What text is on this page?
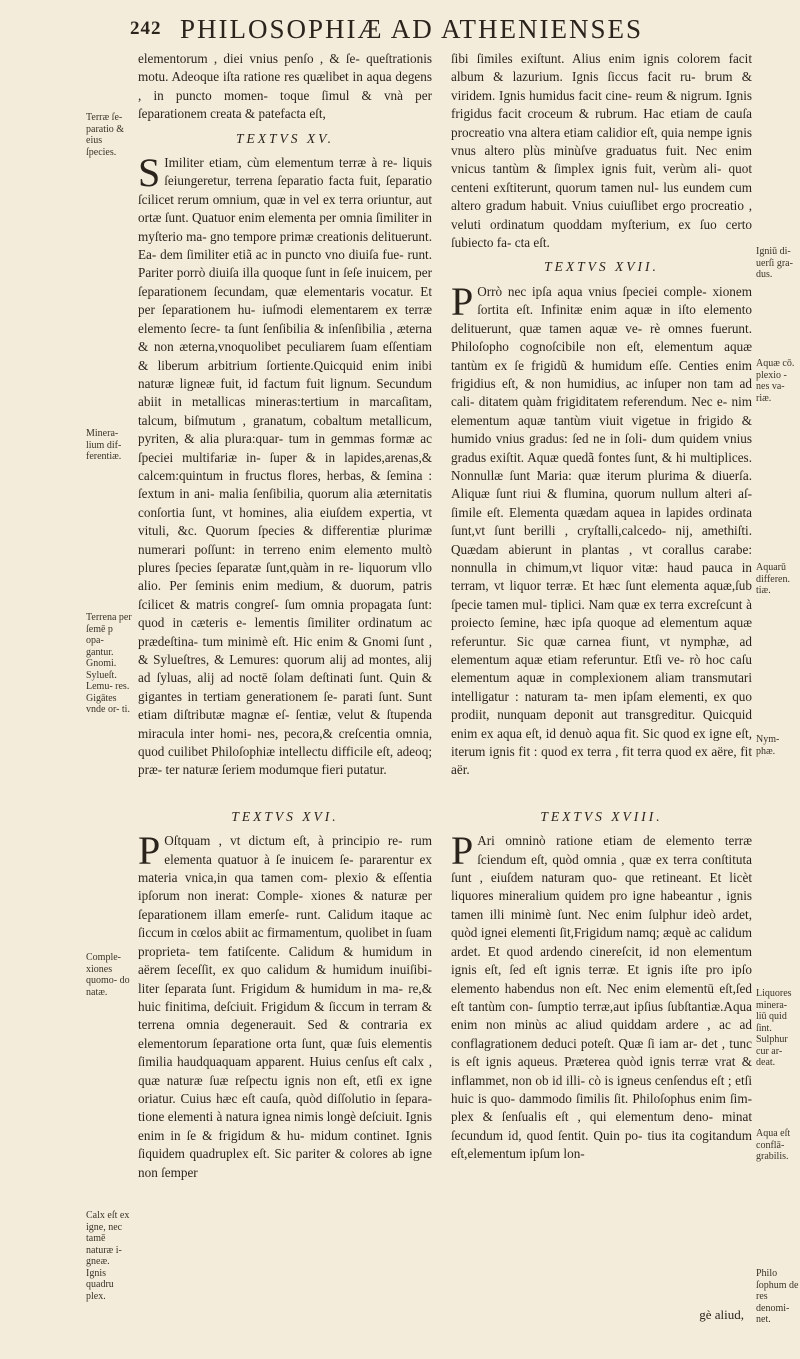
242 PHILOSOPHIÆ AD ATHENIENSES

elementorum , diei vnius penſo , & ſe- queſtrationis motu. Adeoque iſta ratione res quælibet in aqua degens , in puncto momen- toque ſimul & vnà per ſeparationem creata & patefacta eſt,

TEXTVS XV.

S Imiliter etiam, cùm elementum terræ à re- liquis ſeiungeretur, terrena ſeparatio facta fuit, ſeparatio ſcilicet rerum omnium, quæ in vel ex terra oriuntur, aut ortæ ſunt. Quatuor enim elementa per omnia ſimiliter in myſterio ma- gno tempore primæ creationis delituerunt. Ea- dem ſimiliter etiã ac in puncto vno diuiſa fue- runt. Pariter porrò diuiſa illa quoque ſunt in ſeſe inuicem, per ſeparationem ſecundam, quæ elementaris vocatur. Et per ſeparationem hu- iuſmodi elementarem ex terræ elemento ſecre- ta ſunt ſenſibilia & inſenſibilia , æterna & non æterna,vnoquolibet peculiarem ſuam eſſentiam & liberum arbitrium ſortiente.Quicquid enim inibi naturæ ligneæ fuit, id factum fuit lignum. Secundum abiit in metallicas mineras:tertium in marcaſitam, talcum, biſmutum , granatum, cobaltum metallicum, pyriten, & alia plura:quar- tum in gemmas formæ ac ſpeciei multifariæ in- ſuper & in lapides,arenas,& calcem:quintum in fructus flores, herbas, & ſemina : ſextum in ani- malia ſenſibilia, quorum alia æternitatis conſortia ſunt, vt homines, alia eiuſdem expertia, vt vituli, &c. Quorum ſpecies & differentiæ plurimæ numerari poſſunt: in terreno enim elemento multò plures ſpecies ſeparatæ ſunt,quàm in re- liquorum vllo alio. Per ſeminis enim medium, & duorum, patris ſcilicet & matris congreſ- ſum omnia propagata ſunt: quod in cæteris e- lementis ſimiliter ordinatum ac prædeſtina- tum minimè eſt. Hic enim & Gnomi ſunt , & Sylueſtres, & Lemures: quorum alij ad montes, alij ad ſyluas, alij ad noctē ſolam deſtinati ſunt. Quin & gigantes in tertiam generationem ſe- parati ſunt. Sunt etiam diſtributæ magnæ eſ- ſentiæ, velut & ſtupenda miracula inter homi- nes, pecora,& creſcentia omnia, quod cuilibet Philoſophiæ intellectu difficile eſt, adeoq; præ- ter naturæ ſeriem modumque fieri putatur.

TEXTVS XVI.

P Oſtquam , vt dictum eſt, à principio re- rum elementa quatuor à ſe inuicem ſe- pararentur ex materia vnica,in qua tamen com- plexio & eſſentia ipſorum non inerat: Comple- xiones & naturæ per ſeparationem illam emerſe- runt. Calidum itaque ac ſiccum in cœlos abiit ac firmamentum, quolibet in ſuam proprieta- tem fatiſcente. Calidum & humidum in aërem ſeceſſit, ex quo calidum & humidum inuiſibi- liter ſeparata ſunt. Frigidum & humidum in ma- re,& huic finitima, deſciuit. Frigidum & ſiccum in terram & terrena omnia degenerauit. Sed & contraria ex elementorum ſeparatione orta ſunt, quæ ſuis elementis ſimilia haudquaquam apparent. Huius cenſus eſt calx , quæ naturæ ſuæ reſpectu ignis non eſt, etſi ex igne oriatur. Cuius hæc eſt cauſa, quòd diſſolutio in ſepara- tione elementi à natura ignea nimis longè deſciuit. Ignis enim in ſe & frigidum & hu- midum continet. Ignis ſiquidem quadruplex eſt. Sic pariter & colores ab igne non ſemper

ſibi ſimiles exiſtunt. Alius enim ignis colorem facit album & lazurium. Ignis ſiccus facit ru- brum & viridem. Ignis humidus facit cine- reum & nigrum. Ignis frigidus facit croceum & rubrum. Hac etiam de cauſa procreatio vna altera etiam calidior eſt, quia nempe ignis vnus altero plùs minùſve graduatus fuit. Nec enim vnicus tantùm & ſimplex ignis fuit, verùm ali- quot centeni exſtiterunt, quorum tamen nul- lus eundem cum altero gradum habuit. Vnius cuiuſlibet ergo procreatio , veluti ordinatum quoddam myſterium, ex ſuo certo ſubiecto fa- cta eſt.

TEXTVS XVII.

P Orrò nec ipſa aqua vnius ſpeciei comple- xionem ſortita eſt. Infinitæ enim aquæ in iſto elemento delituerunt, quæ tamen aquæ ve- rè omnes fuerunt. Philoſopho cognoſcibile non eſt, elementum aquæ tantùm ex ſe frigidũ & humidum eſſe. Centies enim frigidius eſt, & non humidius, ac inſuper non tam ad cali- ditatem quàm frigiditatem referendum. Nec e- nim elementum aquæ tantùm viuit vigetue in frigido & humido vnius gradus: ſed ne in ſoli- dum quidem vnius gradus exiſtit. Aquæ quedã fontes ſunt, & hi multiplices. Nonnullæ ſunt Maria: quæ iterum plurima & diuerſa. Aliquæ ſunt riui & flumina, quorum nullum alteri aſ- ſimile eſt. Elementa quædam aquea in lapides ordinata ſunt,vt ſunt berilli , cryſtalli,calcedo- nij, amethiſti. Quædam abierunt in plantas , vt corallus carabe: nonnulla in chimum,vt liquor vitæ: haud pauca in terram, vt liquor terræ. Et hæc ſunt elementa aquæ,ſub ſpecie tamen mul- tiplici. Nam quæ ex terra excreſcunt à proiecto ſemine, hæc ipſa quoque ad elementum aquæ referuntur. Sic quæ carnea fiunt, vt nymphæ, ad elementum aquæ etiam referuntur. Etſi ve- rò hoc caſu elementum aquæ in complexionem aliam transmutari intelligatur : naturam ta- men ipſam elementi, ex quo prodiit, nunquam deponit aut transgreditur. Quicquid enim ex aqua eſt, id denuò aqua fit. Sic quod ex igne eſt, iterum ignis fit : quod ex terra , fit terra quod ex aëre, fit aër.

TEXTVS XVIII.

P Ari omninò ratione etiam de elemento terræ ſciendum eſt, quòd omnia , quæ ex terra conſtituta ſunt , eiuſdem naturam quo- que retineant. Et licèt liquores mineralium quidem pro igne habeantur , ignis tamen illi minimè ſunt. Nec enim ſulphur ideò ardet, quòd ignei elementi ſit,Frigidum namq; æquè ac calidum ardet. Et quod ardendo cinereſcit, id non elementum ignis eſt, ſed eſt ignis terræ. Et ignis iſte pro ipſo elemento habendus non eſt. Nec enim elementū eſt,ſed eſt tantùm con- ſumptio terræ,aut ipſius ſubſtantiæ.Aqua enim non minùs ac aliud quiddam ardere , ac ad conflagrationem deduci poteſt. Quæ ſi iam ar- det , tunc is eſt ignis aqueus. Præterea quòd ignis terræ vrat & inflammet, non ob id illi- cò is igneus cenſendus eſt ; etſi huic is quo- dammodo ſimilis ſit. Philoſophus enim ſim- plex & ſenſualis eſt , qui elementum deno- minat ſecundum id, quod ſentit. Quin po- tius ita cogitandum eſt,elementum ipſum lon-

Terræ ſe- paratio & eius ſpecies.
Minera- lium dif- ferentiæ.
Terrena per ſemē p opa- gantur. Gnomi. Sylueſt. Lemu- res. Gigātes vnde or- ti.
Comple- xiones quomo- do natæ.
Calx eſt ex igne, nec tamē naturæ i- gneæ. Ignis quadru plex.
Igniū di- uerſi gra- dus.
Aquæ cō. plexio - nes va- riæ.
Aquarū differen. tiæ.
Nym- phæ.
Liquores minera- liū quid ſint. Sulphur cur ar- deat.
Aqua eſt conflā- grabilis.
Philo ſophum de res denomi- net.
gè aliud,
